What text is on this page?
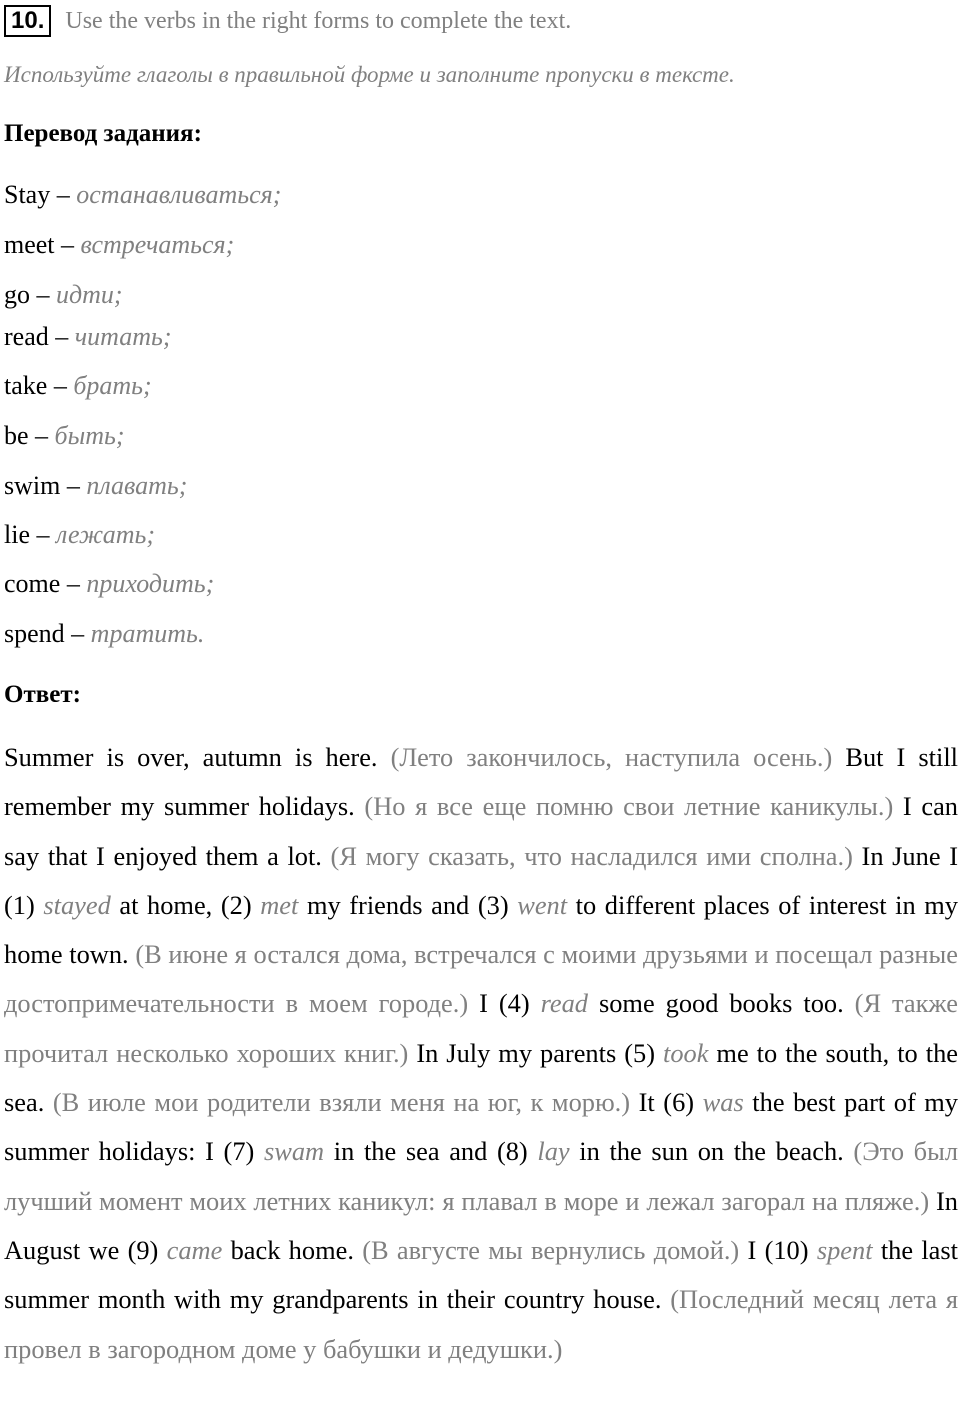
10. Use the verbs in the right forms to complete the text.
Используйте глаголы в правильной форме и заполните пропуски в тексте.
Перевод задания:
Stay – останавливаться;
meet – встречаться;
go – идти;
read – читать;
take – брать;
be – быть;
swim – плавать;
lie – лежать;
come – приходить;
spend – тратить.
Ответ:
Summer is over, autumn is here. (Лето закончилось, наступила осень.) But I still remember my summer holidays. (Но я все еще помню свои летние каникулы.) I can say that I enjoyed them a lot. (Я могу сказать, что насладился ими сполна.) In June I (1) stayed at home, (2) met my friends and (3) went to different places of interest in my home town. (В июне я остался дома, встречался с моими друзьями и посещал разные достопримечательности в моем городе.) I (4) read some good books too. (Я также прочитал несколько хороших книг.) In July my parents (5) took me to the south, to the sea. (В июле мои родители взяли меня на юг, к морю.) It (6) was the best part of my summer holidays: I (7) swam in the sea and (8) lay in the sun on the beach. (Это был лучший момент моих летних каникул: я плавал в море и лежал загорал на пляже.) In August we (9) came back home. (В августе мы вернулись домой.) I (10) spent the last summer month with my grandparents in their country house. (Последний месяц лета я провел в загородном доме у бабушки и дедушки.)
